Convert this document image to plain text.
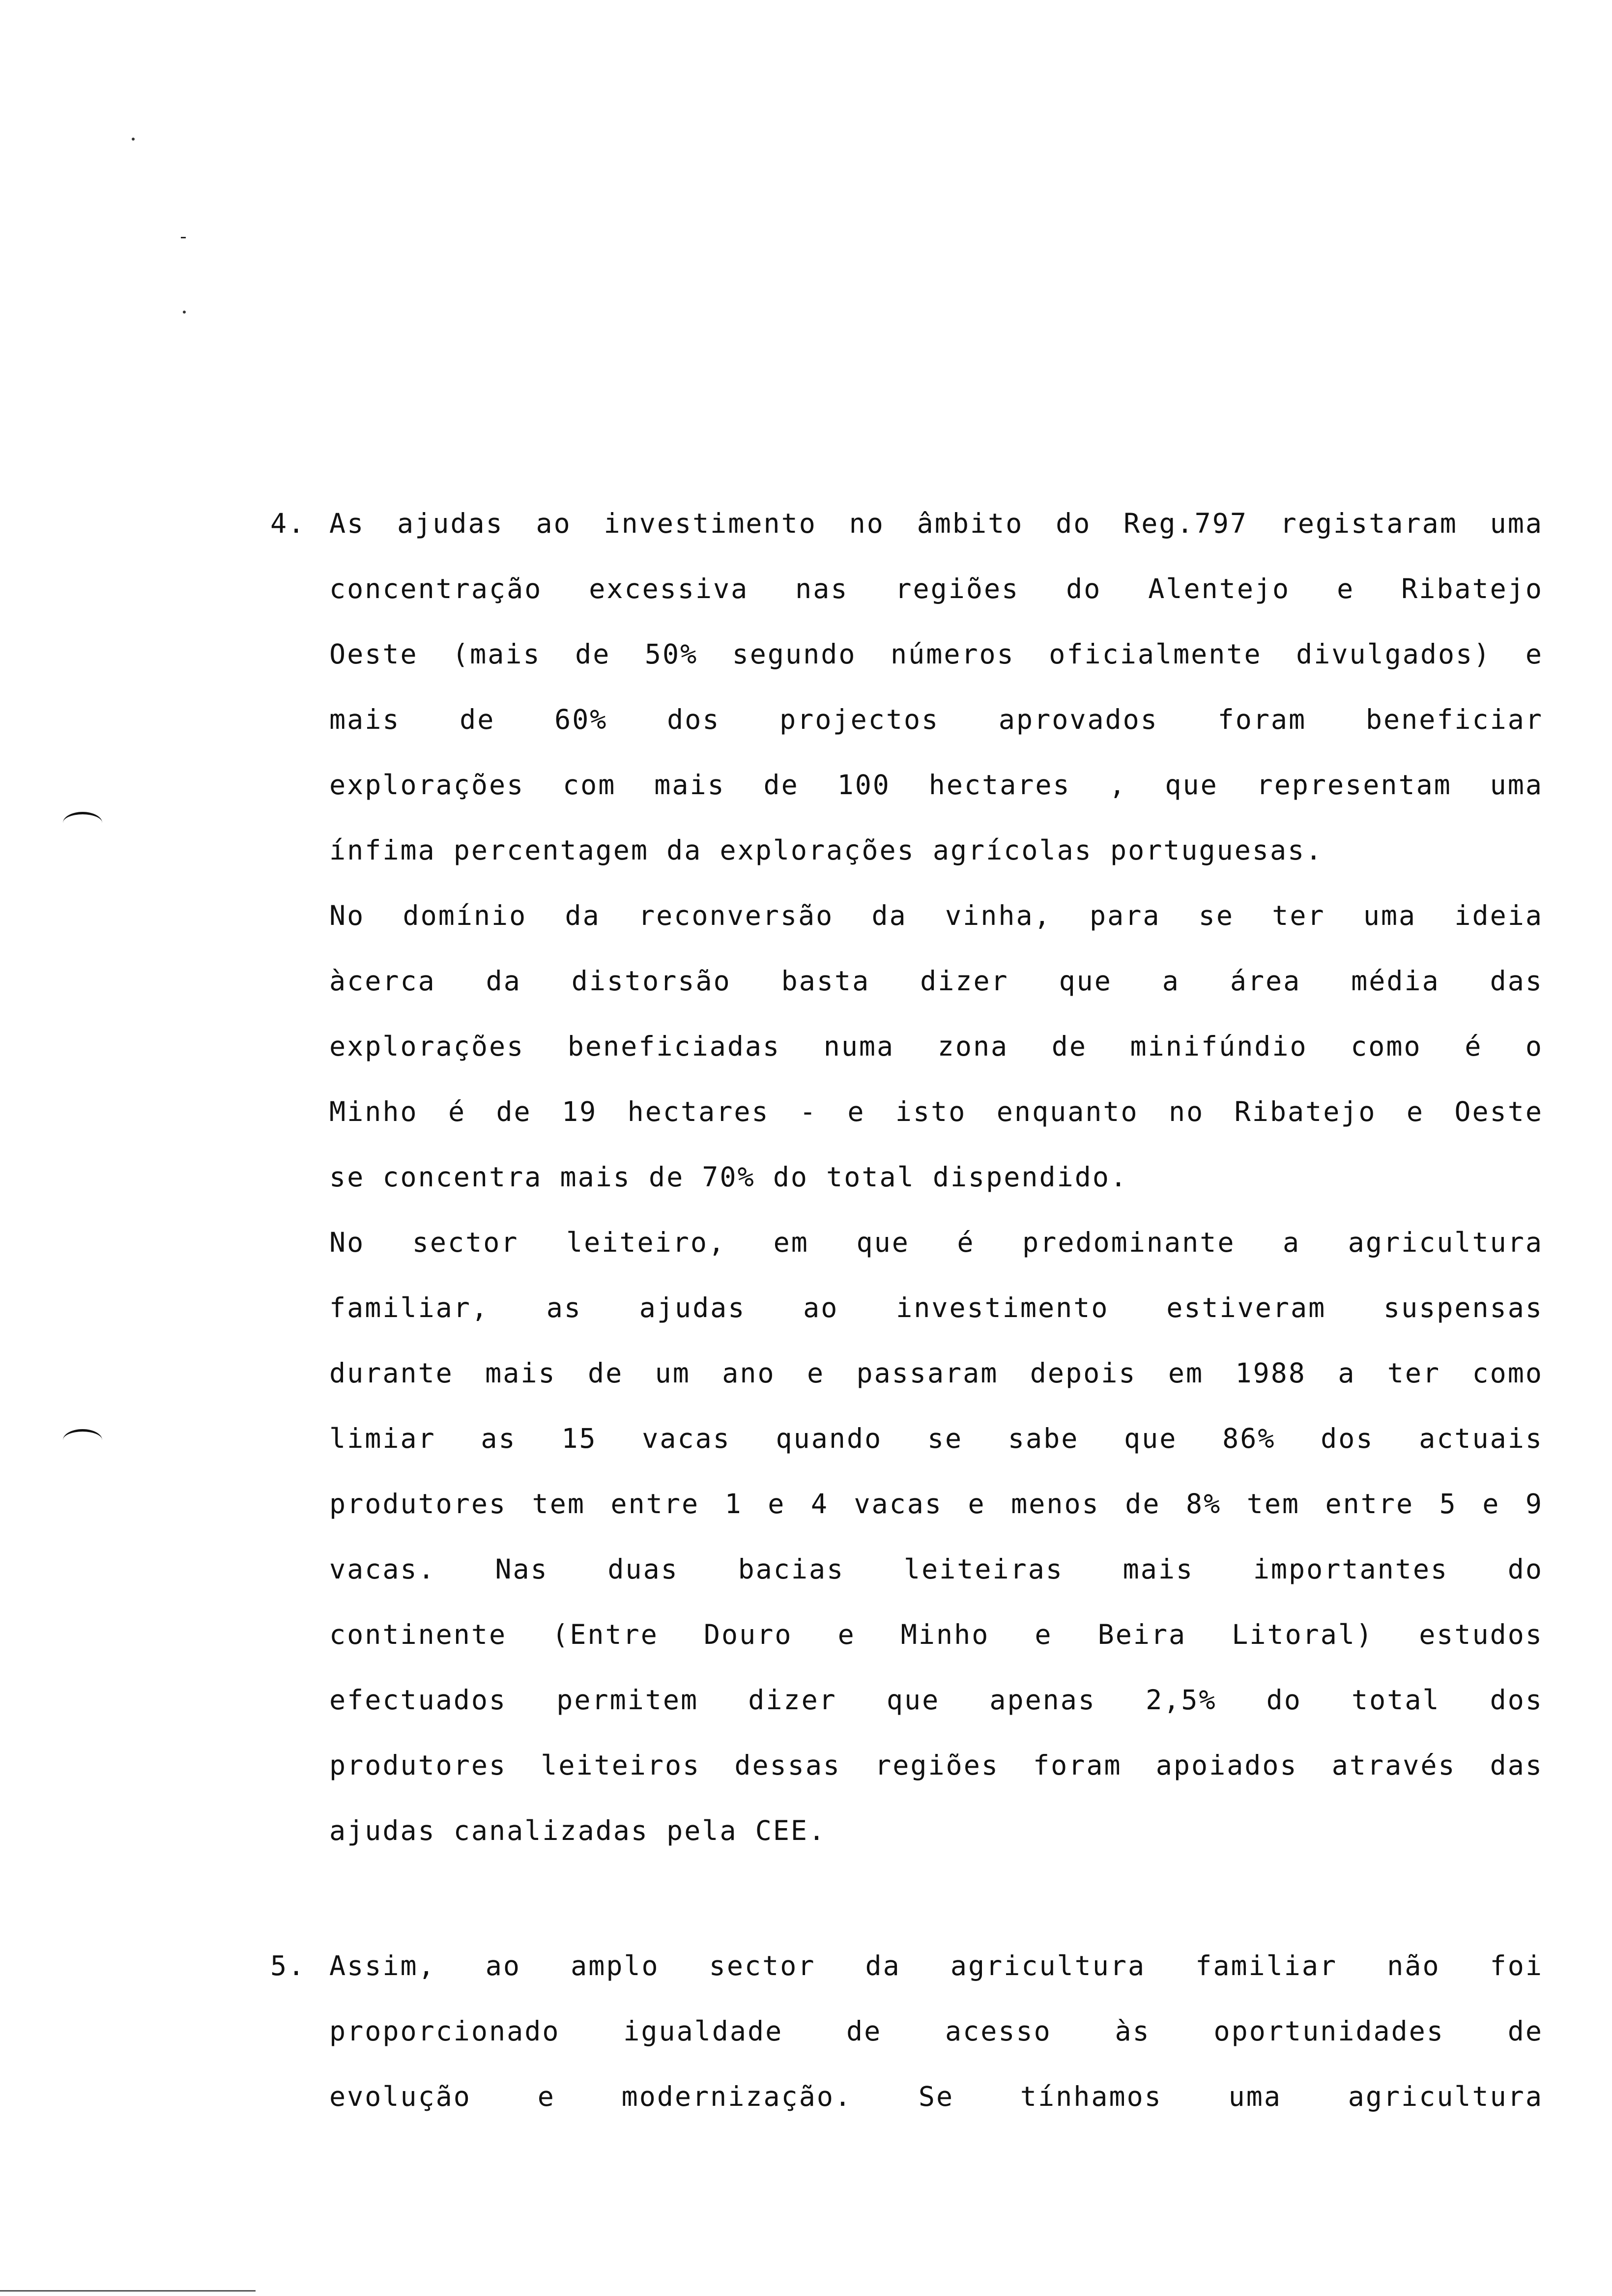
4. As ajudas ao investimento no âmbito do Reg.797 registaram uma
concentração excessiva nas regiões do Alentejo e Ribatejo
Oeste (mais de 50% segundo números oficialmente divulgados) e
mais de 60% dos projectos aprovados foram beneficiar
explorações com mais de 100 hectares , que representam uma
ínfima percentagem da explorações agrícolas portuguesas.
No domínio da reconversão da vinha, para se ter uma ideia
àcerca da distorsão basta dizer que a área média das
explorações beneficiadas numa zona de minifúndio como é o
Minho é de 19 hectares - e isto enquanto no Ribatejo e Oeste
se concentra mais de 70% do total dispendido.
No sector leiteiro, em que é predominante a agricultura
familiar, as ajudas ao investimento estiveram suspensas
durante mais de um ano e passaram depois em 1988 a ter como
limiar as 15 vacas quando se sabe que 86% dos actuais
produtores tem entre 1 e 4 vacas e menos de 8% tem entre 5 e 9
vacas. Nas duas bacias leiteiras mais importantes do
continente (Entre Douro e Minho e Beira Litoral) estudos
efectuados permitem dizer que apenas 2,5% do total dos
produtores leiteiros dessas regiões foram apoiados através das
ajudas canalizadas pela CEE.
5. Assim, ao amplo sector da agricultura familiar não foi
proporcionado igualdade de acesso às oportunidades de
evolução e modernização. Se tínhamos uma agricultura
